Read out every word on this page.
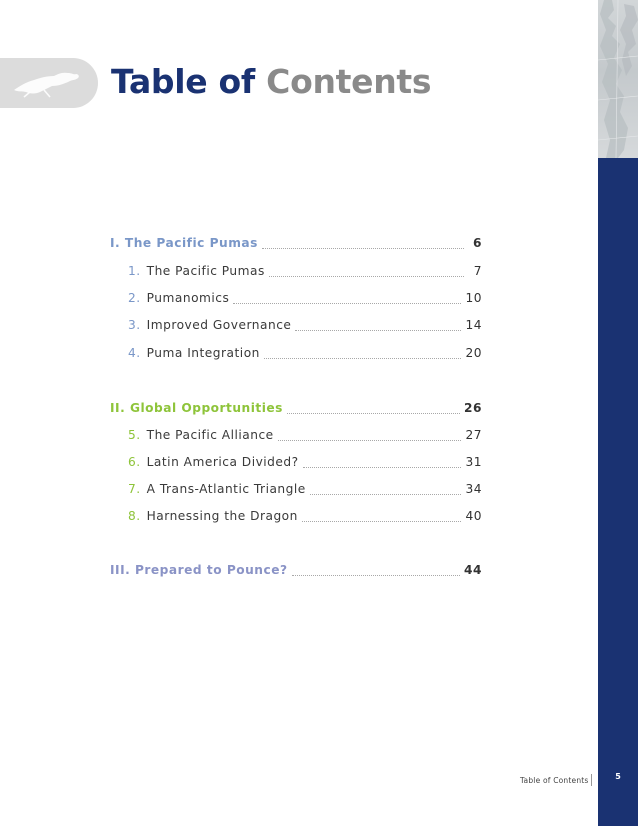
Table of Contents
I. The Pacific Pumas	6
1. The Pacific Pumas	7
2. Pumanomics	10
3. Improved Governance	14
4. Puma Integration	20
II. Global Opportunities	26
5. The Pacific Alliance	27
6. Latin America Divided?	31
7. A Trans-Atlantic Triangle	34
8. Harnessing the Dragon	40
III. Prepared to Pounce?	44
Table of Contents	5
